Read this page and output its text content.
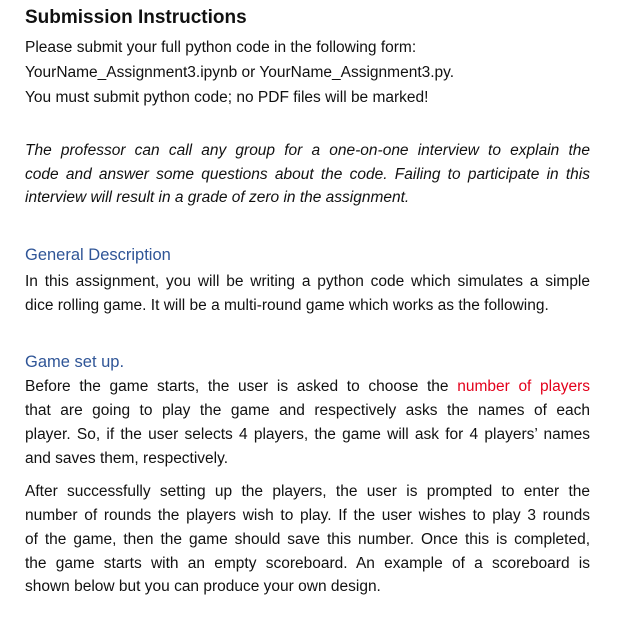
Submission Instructions
Please submit your full python code in the following form:
YourName_Assignment3.ipynb or YourName_Assignment3.py.
You must submit python code; no PDF files will be marked!
The professor can call any group for a one-on-one interview to explain the
code and answer some questions about the code. Failing to participate in this
interview will result in a grade of zero in the assignment.
General Description
In this assignment, you will be writing a python code which simulates a simple
dice rolling game. It will be a multi-round game which works as the following.
Game set up.
Before the game starts, the user is asked to choose the number of players
that are going to play the game and respectively asks the names of each
player. So, if the user selects 4 players, the game will ask for 4 players’ names
and saves them, respectively.
After successfully setting up the players, the user is prompted to enter the
number of rounds the players wish to play. If the user wishes to play 3 rounds
of the game, then the game should save this number. Once this is completed,
the game starts with an empty scoreboard. An example of a scoreboard is
shown below but you can produce your own design.
